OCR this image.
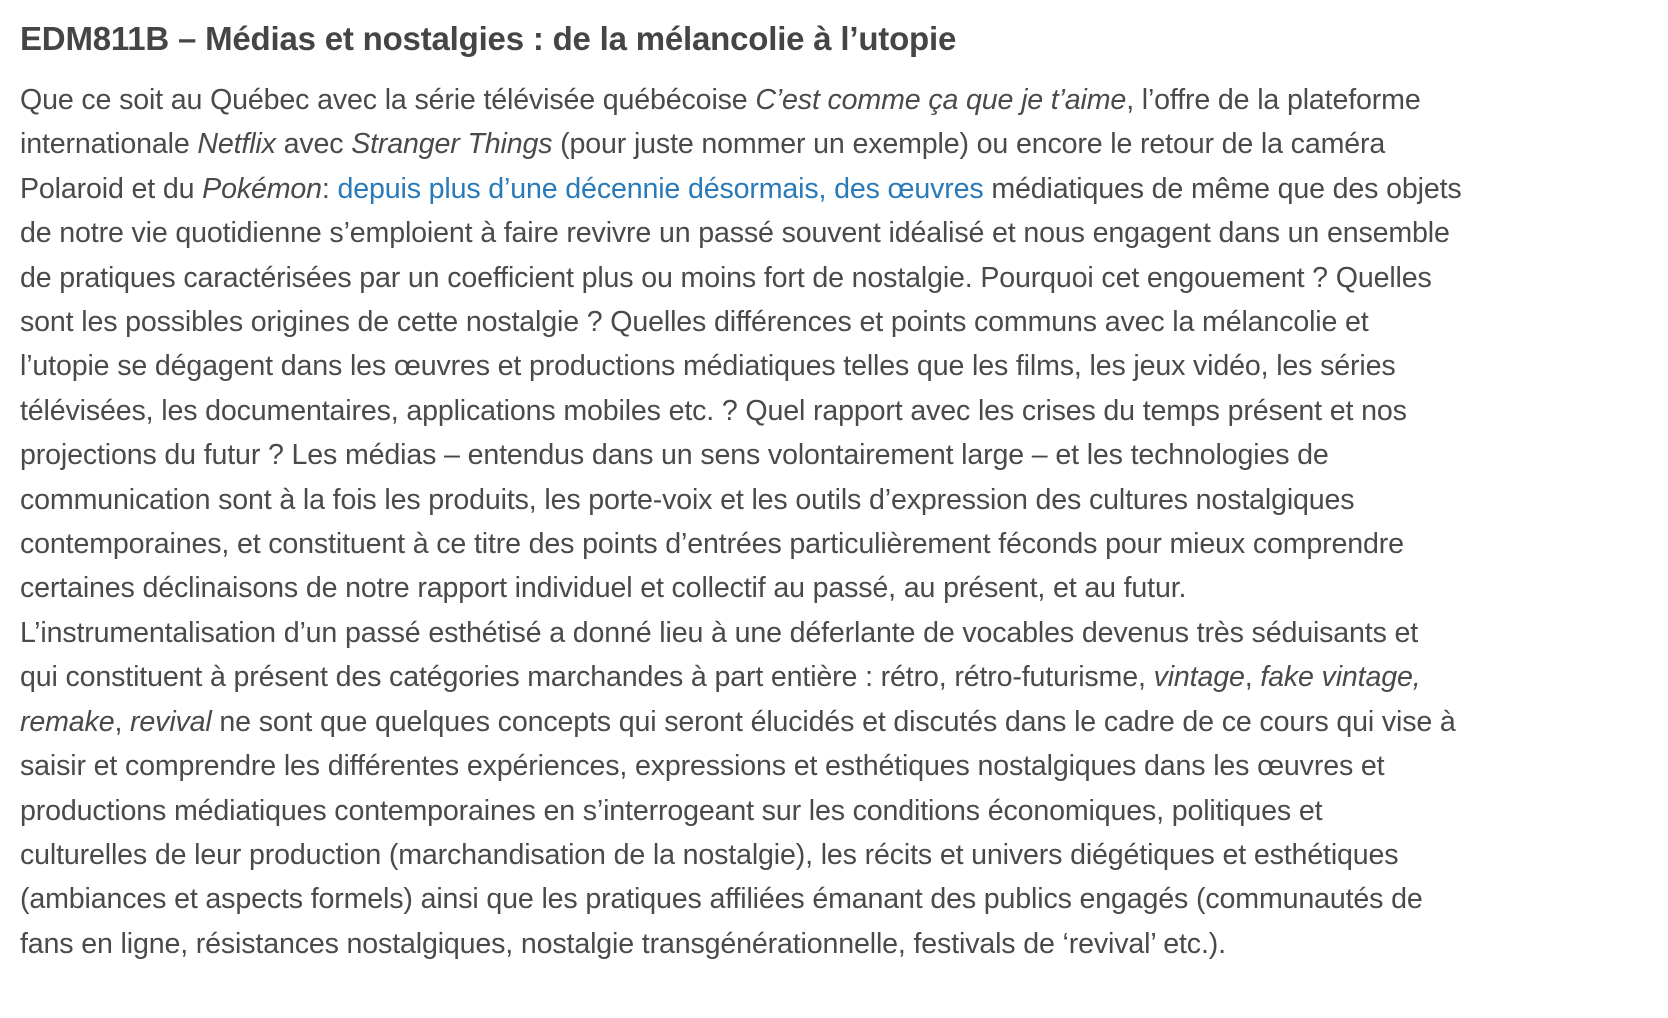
EDM811B – Médias et nostalgies : de la mélancolie à l’utopie

Que ce soit au Québec avec la série télévisée québécoise C’est comme ça que je t’aime, l’offre de la plateforme
internationale Netflix avec Stranger Things (pour juste nommer un exemple) ou encore le retour de la caméra
Polaroid et du Pokémon: depuis plus d’une décennie désormais, des œuvres médiatiques de même que des objets
de notre vie quotidienne s’emploient à faire revivre un passé souvent idéalisé et nous engagent dans un ensemble
de pratiques caractérisées par un coefficient plus ou moins fort de nostalgie. Pourquoi cet engouement ? Quelles
sont les possibles origines de cette nostalgie ? Quelles différences et points communs avec la mélancolie et
l’utopie se dégagent dans les œuvres et productions médiatiques telles que les films, les jeux vidéo, les séries
télévisées, les documentaires, applications mobiles etc. ? Quel rapport avec les crises du temps présent et nos
projections du futur ? Les médias – entendus dans un sens volontairement large – et les technologies de
communication sont à la fois les produits, les porte-voix et les outils d’expression des cultures nostalgiques
contemporaines, et constituent à ce titre des points d’entrées particulièrement féconds pour mieux comprendre
certaines déclinaisons de notre rapport individuel et collectif au passé, au présent, et au futur.
L’instrumentalisation d’un passé esthétisé a donné lieu à une déferlante de vocables devenus très séduisants et
qui constituent à présent des catégories marchandes à part entière : rétro, rétro-futurisme, vintage, fake vintage,
remake, revival ne sont que quelques concepts qui seront élucidés et discutés dans le cadre de ce cours qui vise à
saisir et comprendre les différentes expériences, expressions et esthétiques nostalgiques dans les œuvres et
productions médiatiques contemporaines en s’interrogeant sur les conditions économiques, politiques et
culturelles de leur production (marchandisation de la nostalgie), les récits et univers diégétiques et esthétiques
(ambiances et aspects formels) ainsi que les pratiques affiliées émanant des publics engagés (communautés de
fans en ligne, résistances nostalgiques, nostalgie transgénérationnelle, festivals de ‘revival’ etc.).
